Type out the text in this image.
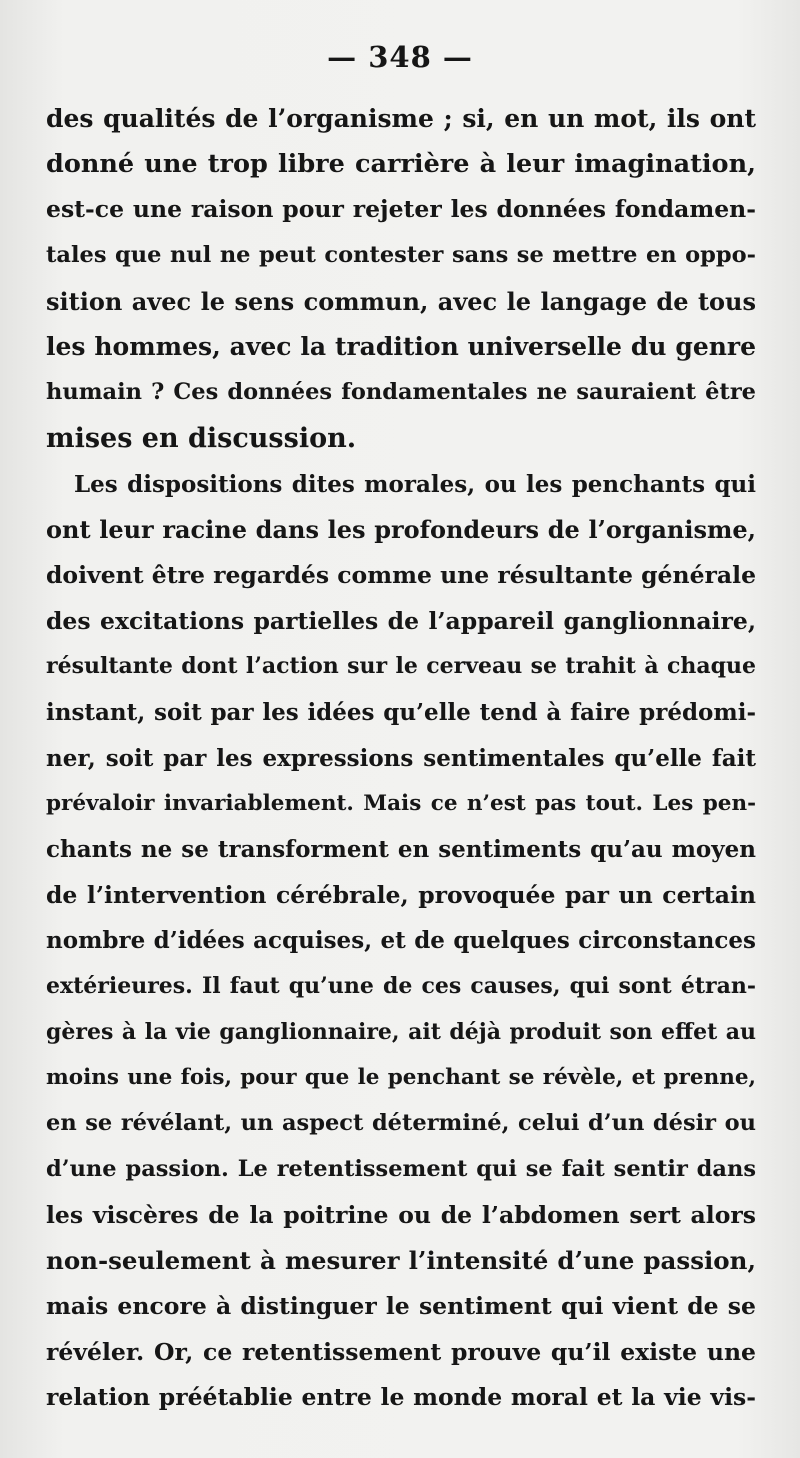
— 348 —
des qualités de l’organisme ; si, en un mot, ils ont
donné une trop libre carrière à leur imagination,
est-ce une raison pour rejeter les données fondamen-
tales que nul ne peut contester sans se mettre en oppo-
sition avec le sens commun, avec le langage de tous
les hommes, avec la tradition universelle du genre
humain ? Ces données fondamentales ne sauraient être
mises en discussion.
Les dispositions dites morales, ou les penchants qui
ont leur racine dans les profondeurs de l’organisme,
doivent être regardés comme une résultante générale
des excitations partielles de l’appareil ganglionnaire,
résultante dont l’action sur le cerveau se trahit à chaque
instant, soit par les idées qu’elle tend à faire prédomi-
ner, soit par les expressions sentimentales qu’elle fait
prévaloir invariablement. Mais ce n’est pas tout. Les pen-
chants ne se transforment en sentiments qu’au moyen
de l’intervention cérébrale, provoquée par un certain
nombre d’idées acquises, et de quelques circonstances
extérieures. Il faut qu’une de ces causes, qui sont étran-
gères à la vie ganglionnaire, ait déjà produit son effet au
moins une fois, pour que le penchant se révèle, et prenne,
en se révélant, un aspect déterminé, celui d’un désir ou
d’une passion. Le retentissement qui se fait sentir dans
les viscères de la poitrine ou de l’abdomen sert alors
non-seulement à mesurer l’intensité d’une passion,
mais encore à distinguer le sentiment qui vient de se
révéler. Or, ce retentissement prouve qu’il existe une
relation préétablie entre le monde moral et la vie vis-
